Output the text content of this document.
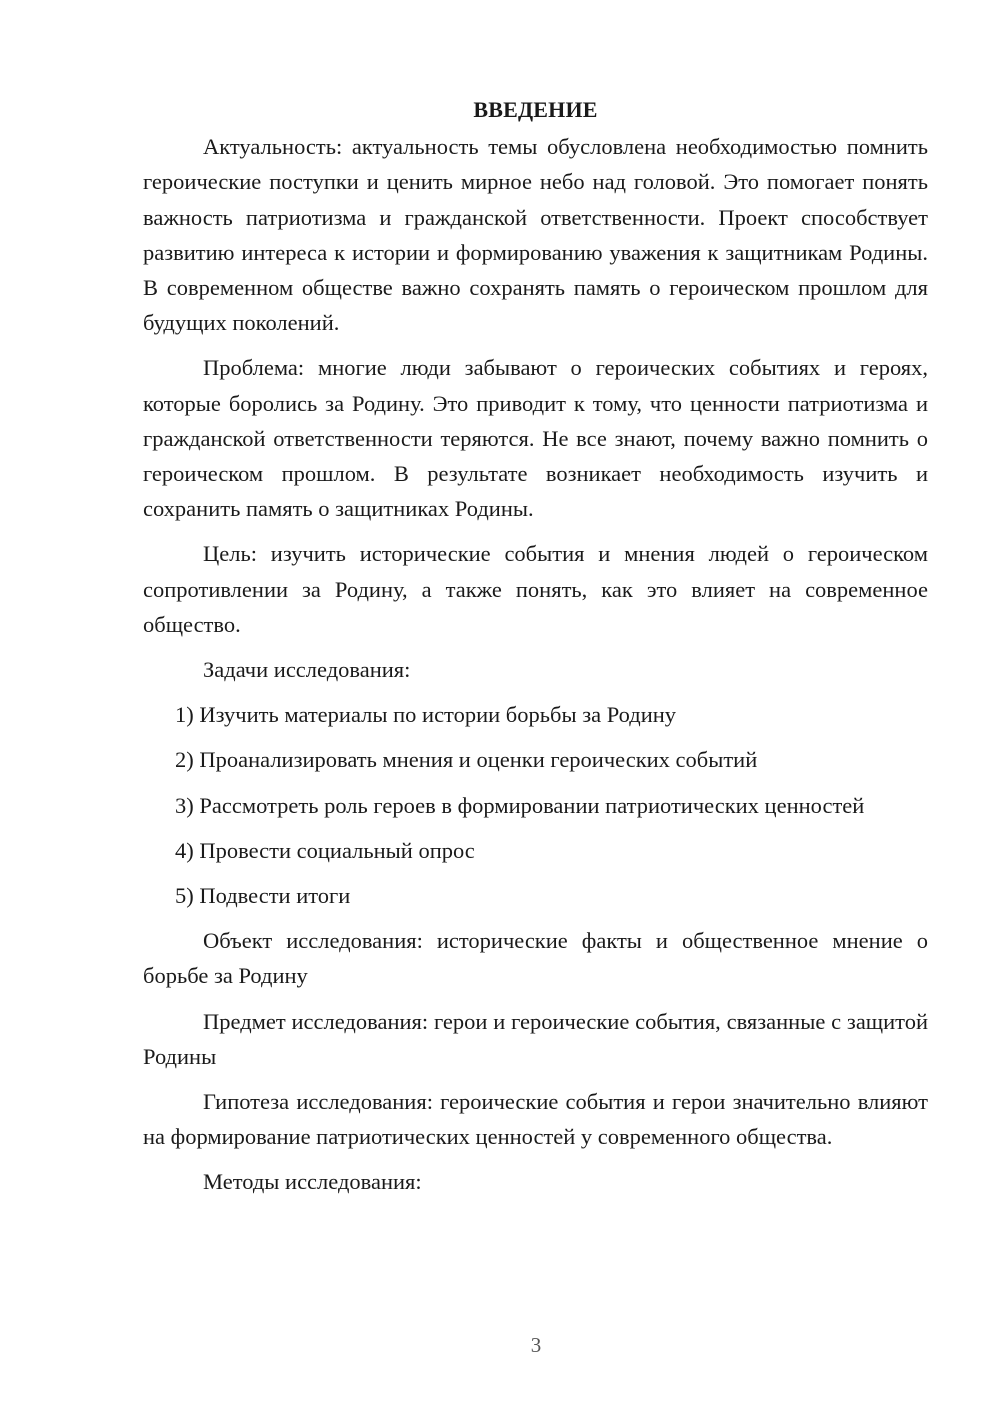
ВВЕДЕНИЕ

Актуальность: актуальность темы обусловлена необходимостью помнить героические поступки и ценить мирное небо над головой. Это помогает понять важность патриотизма и гражданской ответственности. Проект способствует развитию интереса к истории и формированию уважения к защитникам Родины. В современном обществе важно сохранять память о героическом прошлом для будущих поколений.

Проблема: многие люди забывают о героических событиях и героях, которые боролись за Родину. Это приводит к тому, что ценности патриотизма и гражданской ответственности теряются. Не все знают, почему важно помнить о героическом прошлом. В результате возникает необходимость изучить и сохранить память о защитниках Родины.

Цель: изучить исторические события и мнения людей о героическом сопротивлении за Родину, а также понять, как это влияет на современное общество.

Задачи исследования:

1) Изучить материалы по истории борьбы за Родину

2) Проанализировать мнения и оценки героических событий

3) Рассмотреть роль героев в формировании патриотических ценностей

4) Провести социальный опрос

5) Подвести итоги

Объект исследования: исторические факты и общественное мнение о борьбе за Родину

Предмет исследования: герои и героические события, связанные с защитой Родины

Гипотеза исследования: героические события и герои значительно влияют на формирование патриотических ценностей у современного общества.

Методы исследования:

3
